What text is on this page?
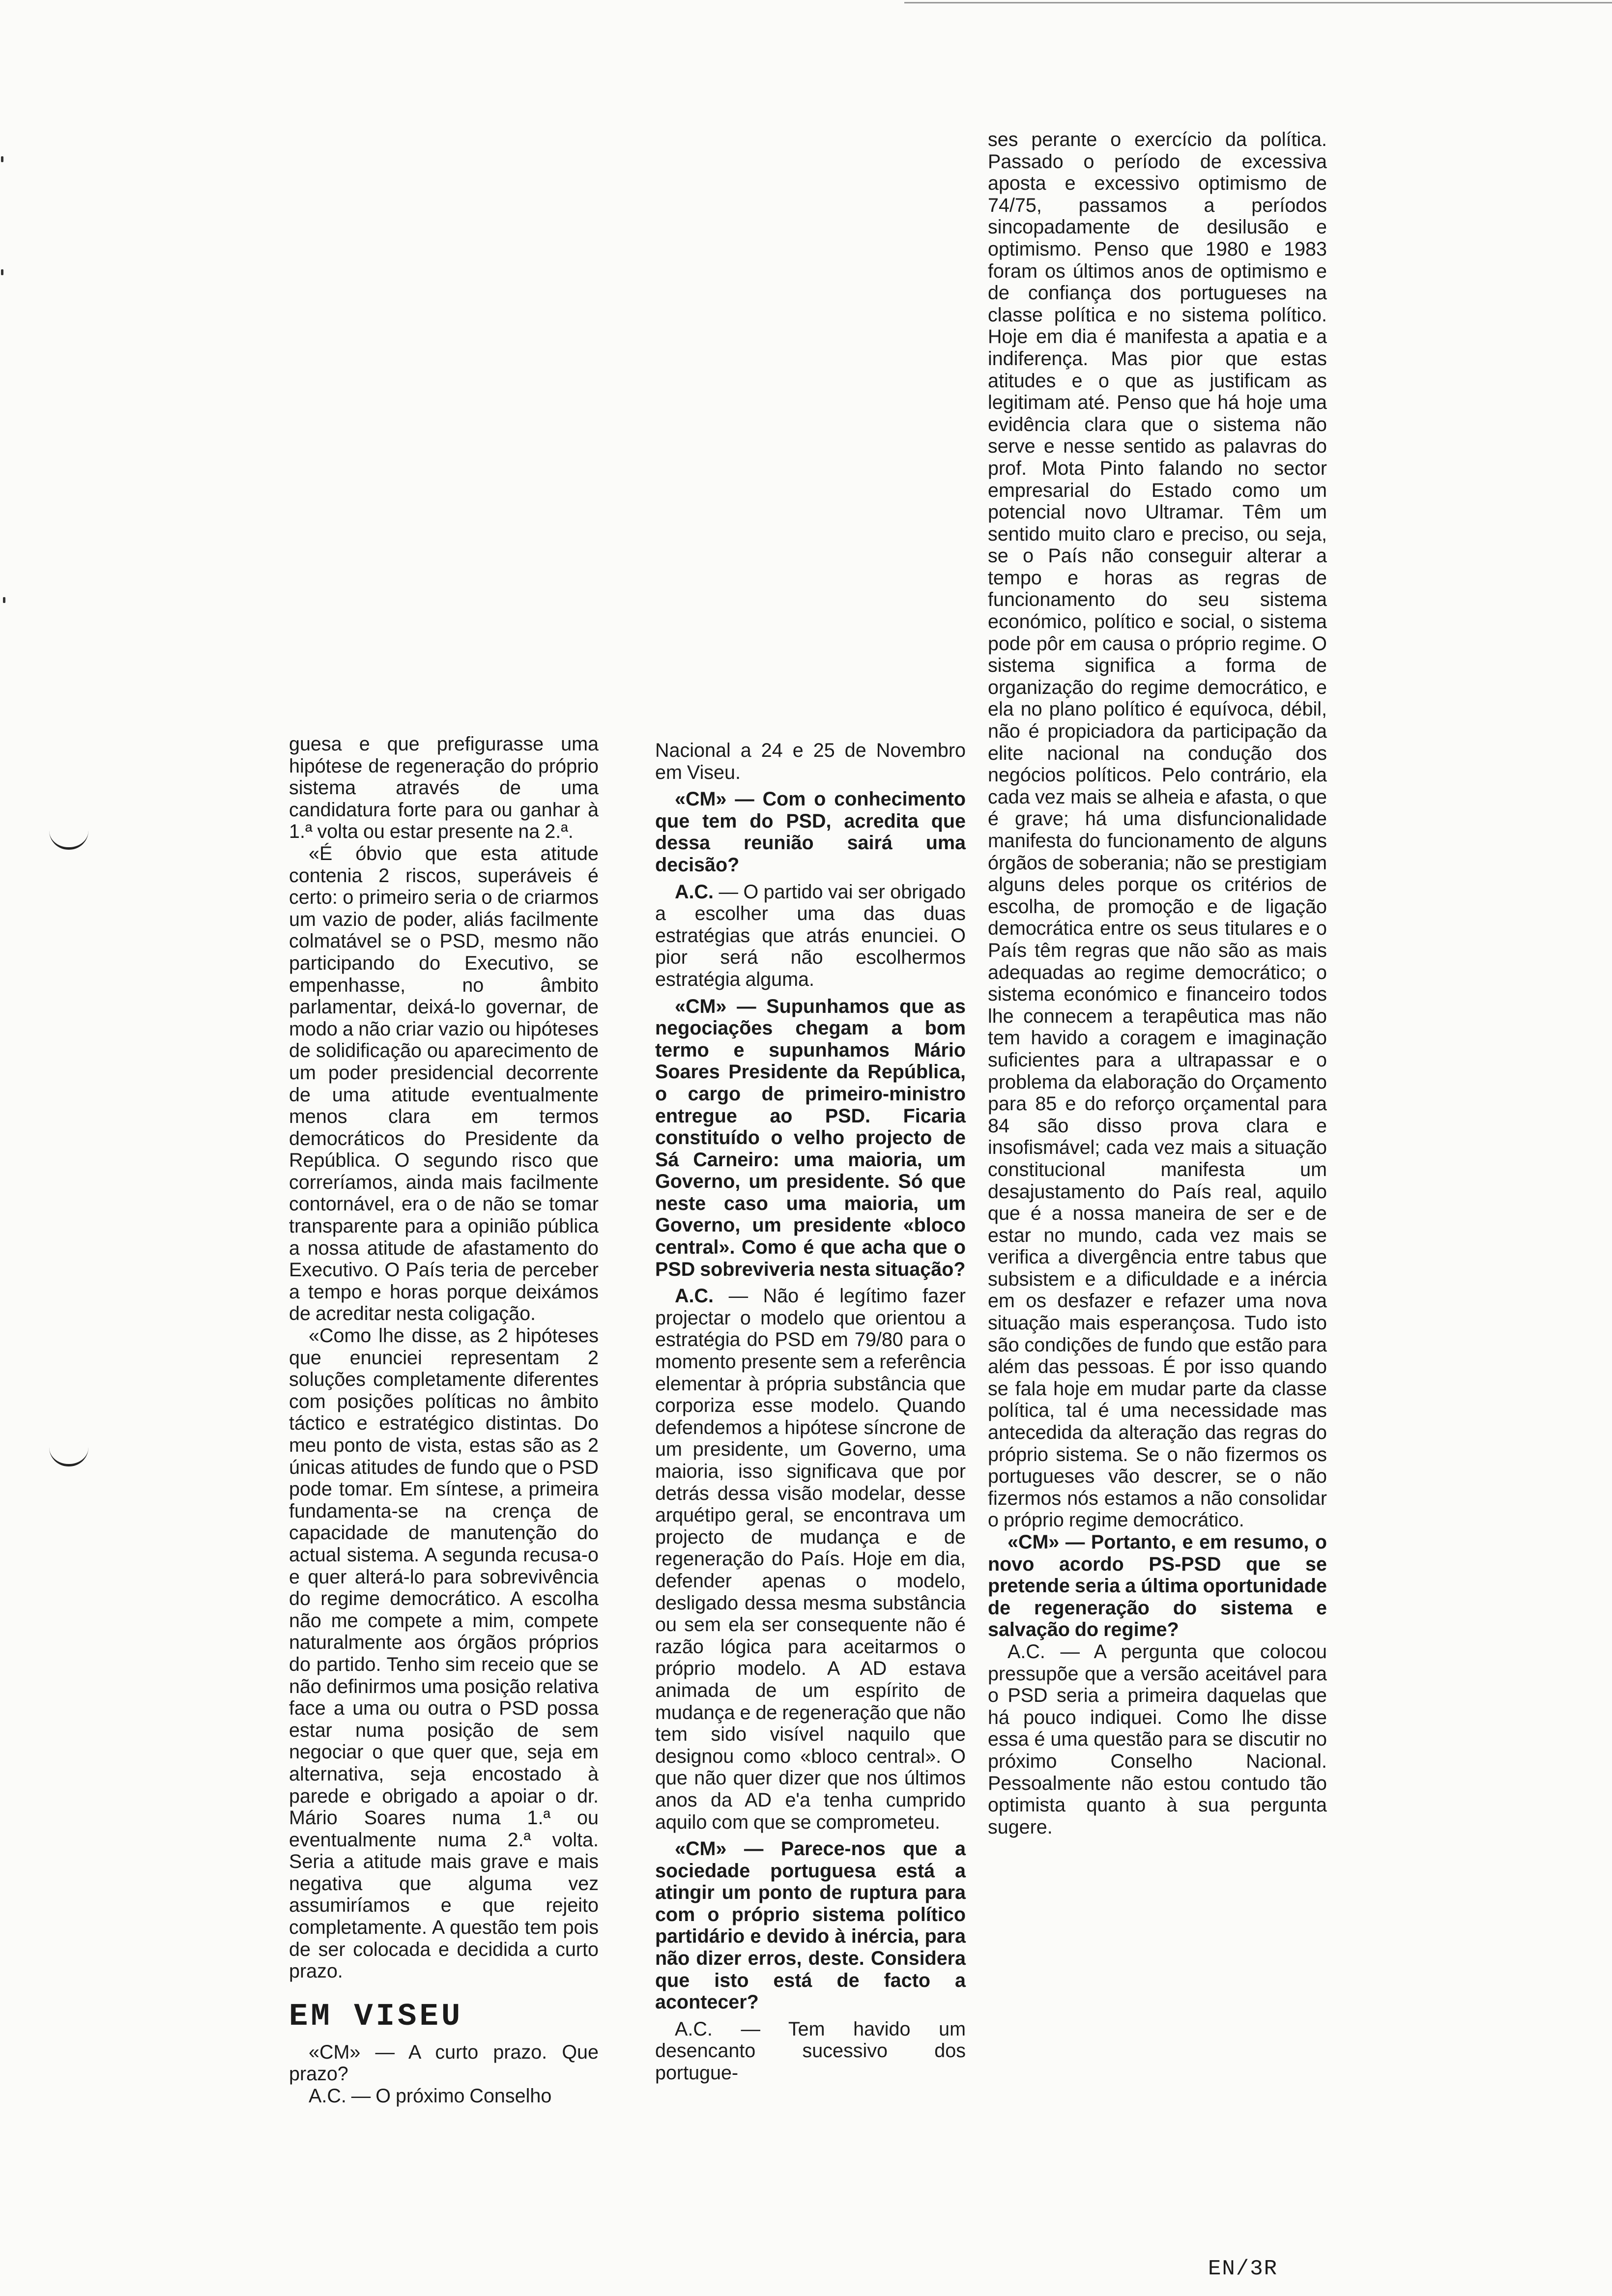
guesa e que prefigurasse uma hipótese de regeneração do próprio sistema através de uma candidatura forte para ou ganhar à 1.ª volta ou estar presente na 2.ª.

«É óbvio que esta atitude contenia 2 riscos, superáveis é certo: o primeiro seria o de criarmos um vazio de poder, aliás facilmente colmatável se o PSD, mesmo não participando do Executivo, se empenhasse, no âmbito parlamentar, deixá-lo governar, de modo a não criar vazio ou hipóteses de solidificação ou aparecimento de um poder presidencial decorrente de uma atitude eventualmente menos clara em termos democráticos do Presidente da República. O segundo risco que correríamos, ainda mais facilmente contornável, era o de não se tomar transparente para a opinião pública a nossa atitude de afastamento do Executivo. O País teria de perceber a tempo e horas porque deixámos de acreditar nesta coligação.

«Como lhe disse, as 2 hipóteses que enunciei representam 2 soluções completamente diferentes com posições políticas no âmbito táctico e estratégico distintas. Do meu ponto de vista, estas são as 2 únicas atitudes de fundo que o PSD pode tomar. Em síntese, a primeira fundamenta-se na crença de capacidade de manutenção do actual sistema. A segunda recusa-o e quer alterá-lo para sobrevivência do regime democrático. A escolha não me compete a mim, compete naturalmente aos órgãos próprios do partido. Tenho sim receio que se não definirmos uma posição relativa face a uma ou outra o PSD possa estar numa posição de sem negociar o que quer que, seja em alternativa, seja encostado à parede e obrigado a apoiar o dr. Mário Soares numa 1.ª ou eventualmente numa 2.ª volta. Seria a atitude mais grave e mais negativa que alguma vez assumiríamos e que rejeito completamente. A questão tem pois de ser colocada e decidida a curto prazo.

EM VISEU

«CM» — A curto prazo. Que prazo?

A.C. — O próximo Conselho

Nacional a 24 e 25 de Novembro em Viseu.

«CM» — Com o conhecimento que tem do PSD, acredita que dessa reunião sairá uma decisão?

A.C. — O partido vai ser obrigado a escolher uma das duas estratégias que atrás enunciei. O pior será não escolhermos estratégia alguma.

«CM» — Supunhamos que as negociações chegam a bom termo e supunhamos Mário Soares Presidente da República, o cargo de primeiro-ministro entregue ao PSD. Ficaria constituído o velho projecto de Sá Carneiro: uma maioria, um Governo, um presidente. Só que neste caso uma maioria, um Governo, um presidente «bloco central». Como é que acha que o PSD sobreviveria nesta situação?

A.C. — Não é legítimo fazer projectar o modelo que orientou a estratégia do PSD em 79/80 para o momento presente sem a referência elementar à própria substância que corporiza esse modelo. Quando defendemos a hipótese síncrone de um presidente, um Governo, uma maioria, isso significava que por detrás dessa visão modelar, desse arquétipo geral, se encontrava um projecto de mudança e de regeneração do País. Hoje em dia, defender apenas o modelo, desligado dessa mesma substância ou sem ela ser consequente não é razão lógica para aceitarmos o próprio modelo. A AD estava animada de um espírito de mudança e de regeneração que não tem sido visível naquilo que designou como «bloco central». O que não quer dizer que nos últimos anos da AD e'a tenha cumprido aquilo com que se comprometeu.

«CM» — Parece-nos que a sociedade portuguesa está a atingir um ponto de ruptura para com o próprio sistema político partidário e devido à inércia, para não dizer erros, deste. Considera que isto está de facto a acontecer?

A.C. — Tem havido um desencanto sucessivo dos portugue-

ses perante o exercício da política. Passado o período de excessiva aposta e excessivo optimismo de 74/75, passamos a períodos sincopadamente de desilusão e optimismo. Penso que 1980 e 1983 foram os últimos anos de optimismo e de confiança dos portugueses na classe política e no sistema político. Hoje em dia é manifesta a apatia e a indiferença. Mas pior que estas atitudes e o que as justificam as legitimam até. Penso que há hoje uma evidência clara que o sistema não serve e nesse sentido as palavras do prof. Mota Pinto falando no sector empresarial do Estado como um potencial novo Ultramar. Têm um sentido muito claro e preciso, ou seja, se o País não conseguir alterar a tempo e horas as regras de funcionamento do seu sistema económico, político e social, o sistema pode pôr em causa o próprio regime. O sistema significa a forma de organização do regime democrático, e ela no plano político é equívoca, débil, não é propiciadora da participação da elite nacional na condução dos negócios políticos. Pelo contrário, ela cada vez mais se alheia e afasta, o que é grave; há uma disfuncionalidade manifesta do funcionamento de alguns órgãos de soberania; não se prestigiam alguns deles porque os critérios de escolha, de promoção e de ligação democrática entre os seus titulares e o País têm regras que não são as mais adequadas ao regime democrático; o sistema económico e financeiro todos lhe connecem a terapêutica mas não tem havido a coragem e imaginação suficientes para a ultrapassar e o problema da elaboração do Orçamento para 85 e do reforço orçamental para 84 são disso prova clara e insofismável; cada vez mais a situação constitucional manifesta um desajustamento do País real, aquilo que é a nossa maneira de ser e de estar no mundo, cada vez mais se verifica a divergência entre tabus que subsistem e a dificuldade e a inércia em os desfazer e refazer uma nova situação mais esperançosa. Tudo isto são condições de fundo que estão para além das pessoas. É por isso quando se fala hoje em mudar parte da classe política, tal é uma necessidade mas antecedida da alteração das regras do próprio sistema. Se o não fizermos os portugueses vão descrer, se o não fizermos nós estamos a não consolidar o próprio regime democrático.

«CM» — Portanto, e em resumo, o novo acordo PS-PSD que se pretende seria a última oportunidade de regeneração do sistema e salvação do regime?

A.C. — A pergunta que colocou pressupõe que a versão aceitável para o PSD seria a primeira daquelas que há pouco indiquei. Como lhe disse essa é uma questão para se discutir no próximo Conselho Nacional. Pessoalmente não estou contudo tão optimista quanto à sua pergunta sugere.

EN/3R
